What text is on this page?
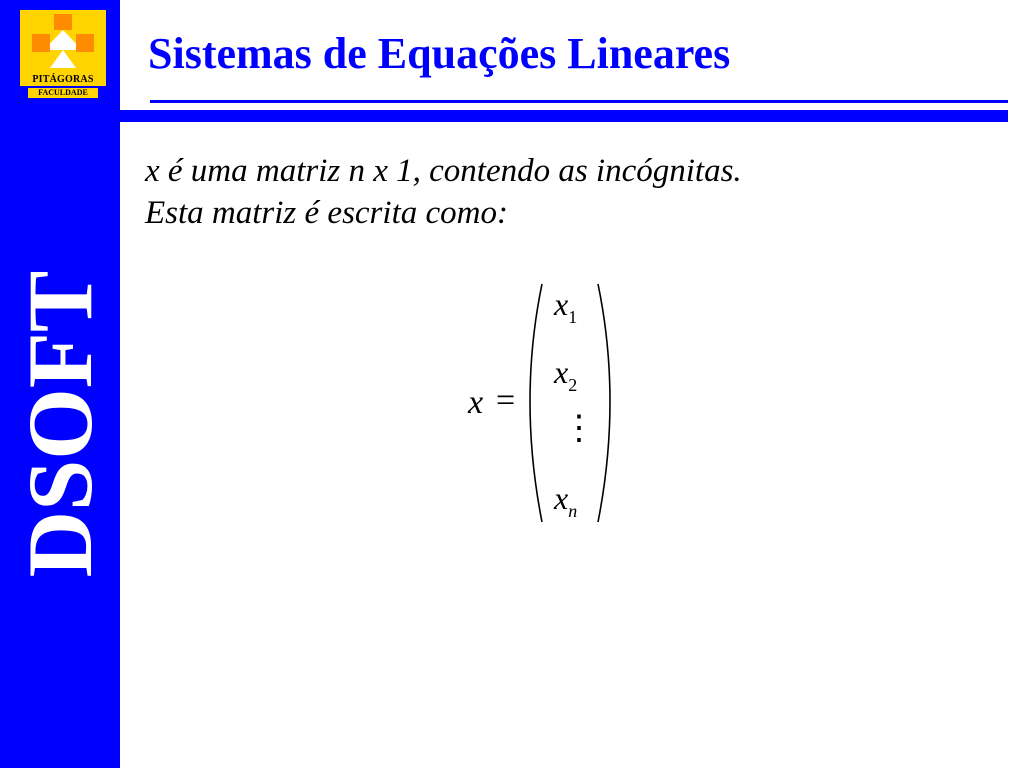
PITÁGORAS
FACULDADE
DSOFT
Sistemas de Equações Lineares

x é uma matriz n x 1, contendo as incógnitas.

Esta matriz é escrita como:

x =
$x_1$
$x_2$
⋮
$x_n$
